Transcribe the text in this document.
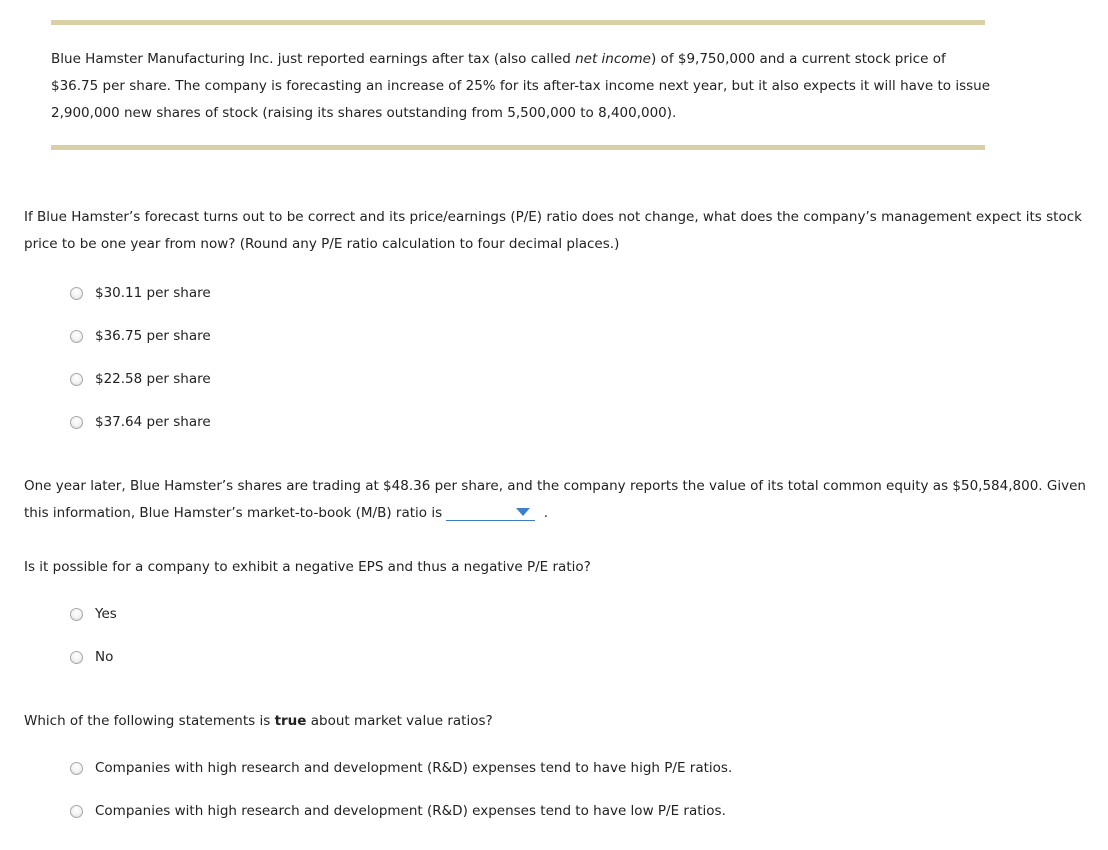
Blue Hamster Manufacturing Inc. just reported earnings after tax (also called net income) of $9,750,000 and a current stock price of $36.75 per share. The company is forecasting an increase of 25% for its after-tax income next year, but it also expects it will have to issue 2,900,000 new shares of stock (raising its shares outstanding from 5,500,000 to 8,400,000).

If Blue Hamster’s forecast turns out to be correct and its price/earnings (P/E) ratio does not change, what does the company’s management expect its stock price to be one year from now? (Round any P/E ratio calculation to four decimal places.)

$30.11 per share
$36.75 per share
$22.58 per share
$37.64 per share

One year later, Blue Hamster’s shares are trading at $48.36 per share, and the company reports the value of its total common equity as $50,584,800. Given this information, Blue Hamster’s market-to-book (M/B) ratio is	.

Is it possible for a company to exhibit a negative EPS and thus a negative P/E ratio?

Yes
No

Which of the following statements is true about market value ratios?

Companies with high research and development (R&D) expenses tend to have high P/E ratios.
Companies with high research and development (R&D) expenses tend to have low P/E ratios.
